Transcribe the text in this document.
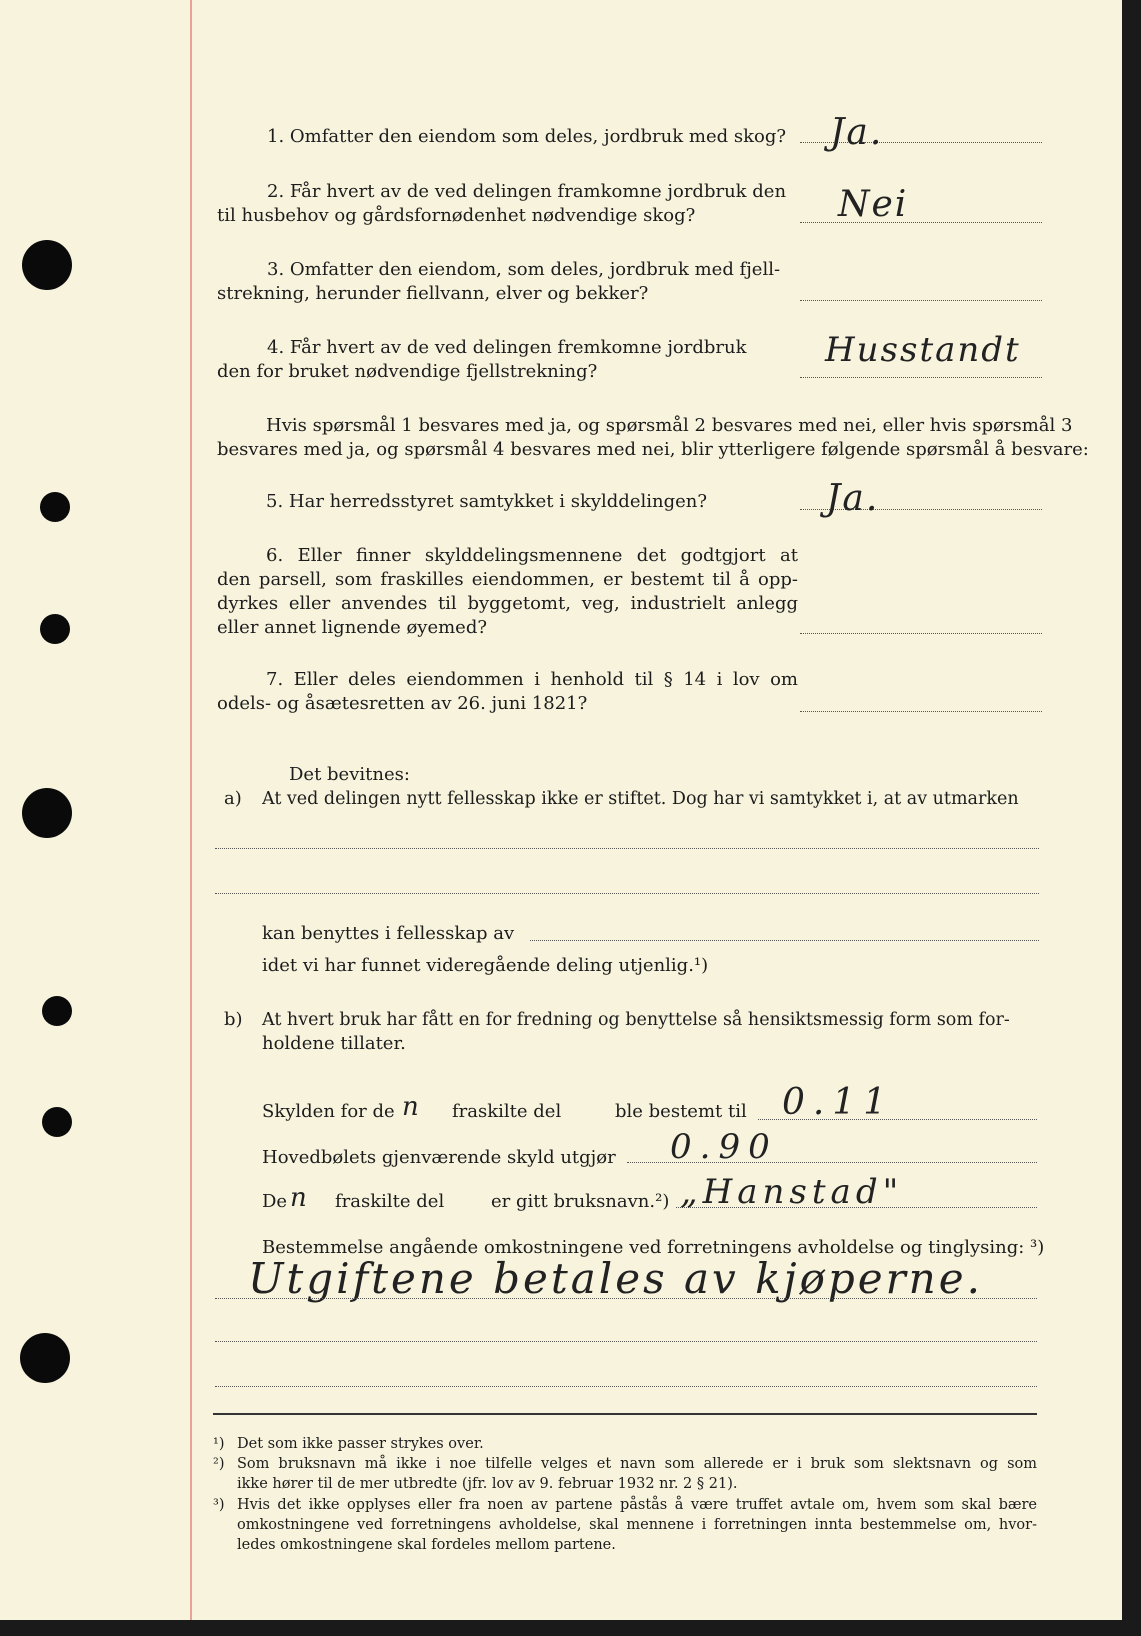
1. Omfatter den eiendom som deles, jordbruk med skog? Ja.
2. Får hvert av de ved delingen framkomne jordbruk den
til husbehov og gårdsfornødenhet nødvendige skog?	Nei
3. Omfatter den eiendom, som deles, jordbruk med fjell-
strekning, herunder fiellvann, elver og bekker?
4. Får hvert av de ved delingen fremkomne jordbruk
den for bruket nødvendige fjellstrekning?
Husstandt
Hvis spørsmål 1 besvares med ja, og spørsmål 2 besvares med nei, eller hvis spørsmål 3
besvares med ja, og spørsmål 4 besvares med nei, blir ytterligere følgende spørsmål å besvare:
5. Har herredsstyret samtykket i skylddelingen?	Ja.
6. Eller finner skylddelingsmennene det godtgjort at
den parsell, som fraskilles eiendommen, er bestemt til å opp-
dyrkes eller anvendes til byggetomt, veg, industrielt anlegg
eller annet lignende øyemed?
7. Eller deles eiendommen i henhold til § 14 i lov om
odels- og åsætesretten av 26. juni 1821?
Det bevitnes:
a) At ved delingen nytt fellesskap ikke er stiftet. Dog har vi samtykket i, at av utmarken
kan benyttes i fellesskap av
idet vi har funnet videregående deling utjenlig.¹)
b) At hvert bruk har fått en for fredning og benyttelse så hensiktsmessig form som for-
holdene tillater.
Skylden for de n fraskilte del	ble bestemt til 0.11
Hovedbølets gjenværende skyld utgjør 0.90
De n fraskilte del	er gitt bruksnavn.²) „Hanstad"
Bestemmelse angående omkostningene ved forretningens avholdelse og tinglysing: ³)
Utgiftene betales av kjøperne.
¹) Det som ikke passer strykes over.
²) Som bruksnavn må ikke i noe tilfelle velges et navn som allerede er i bruk som slektsnavn og som
ikke hører til de mer utbredte (jfr. lov av 9. februar 1932 nr. 2 § 21).
³) Hvis det ikke opplyses eller fra noen av partene påstås å være truffet avtale om, hvem som skal bære
omkostningene ved forretningens avholdelse, skal mennene i forretningen innta bestemmelse om, hvor-
ledes omkostningene skal fordeles mellom partene.
